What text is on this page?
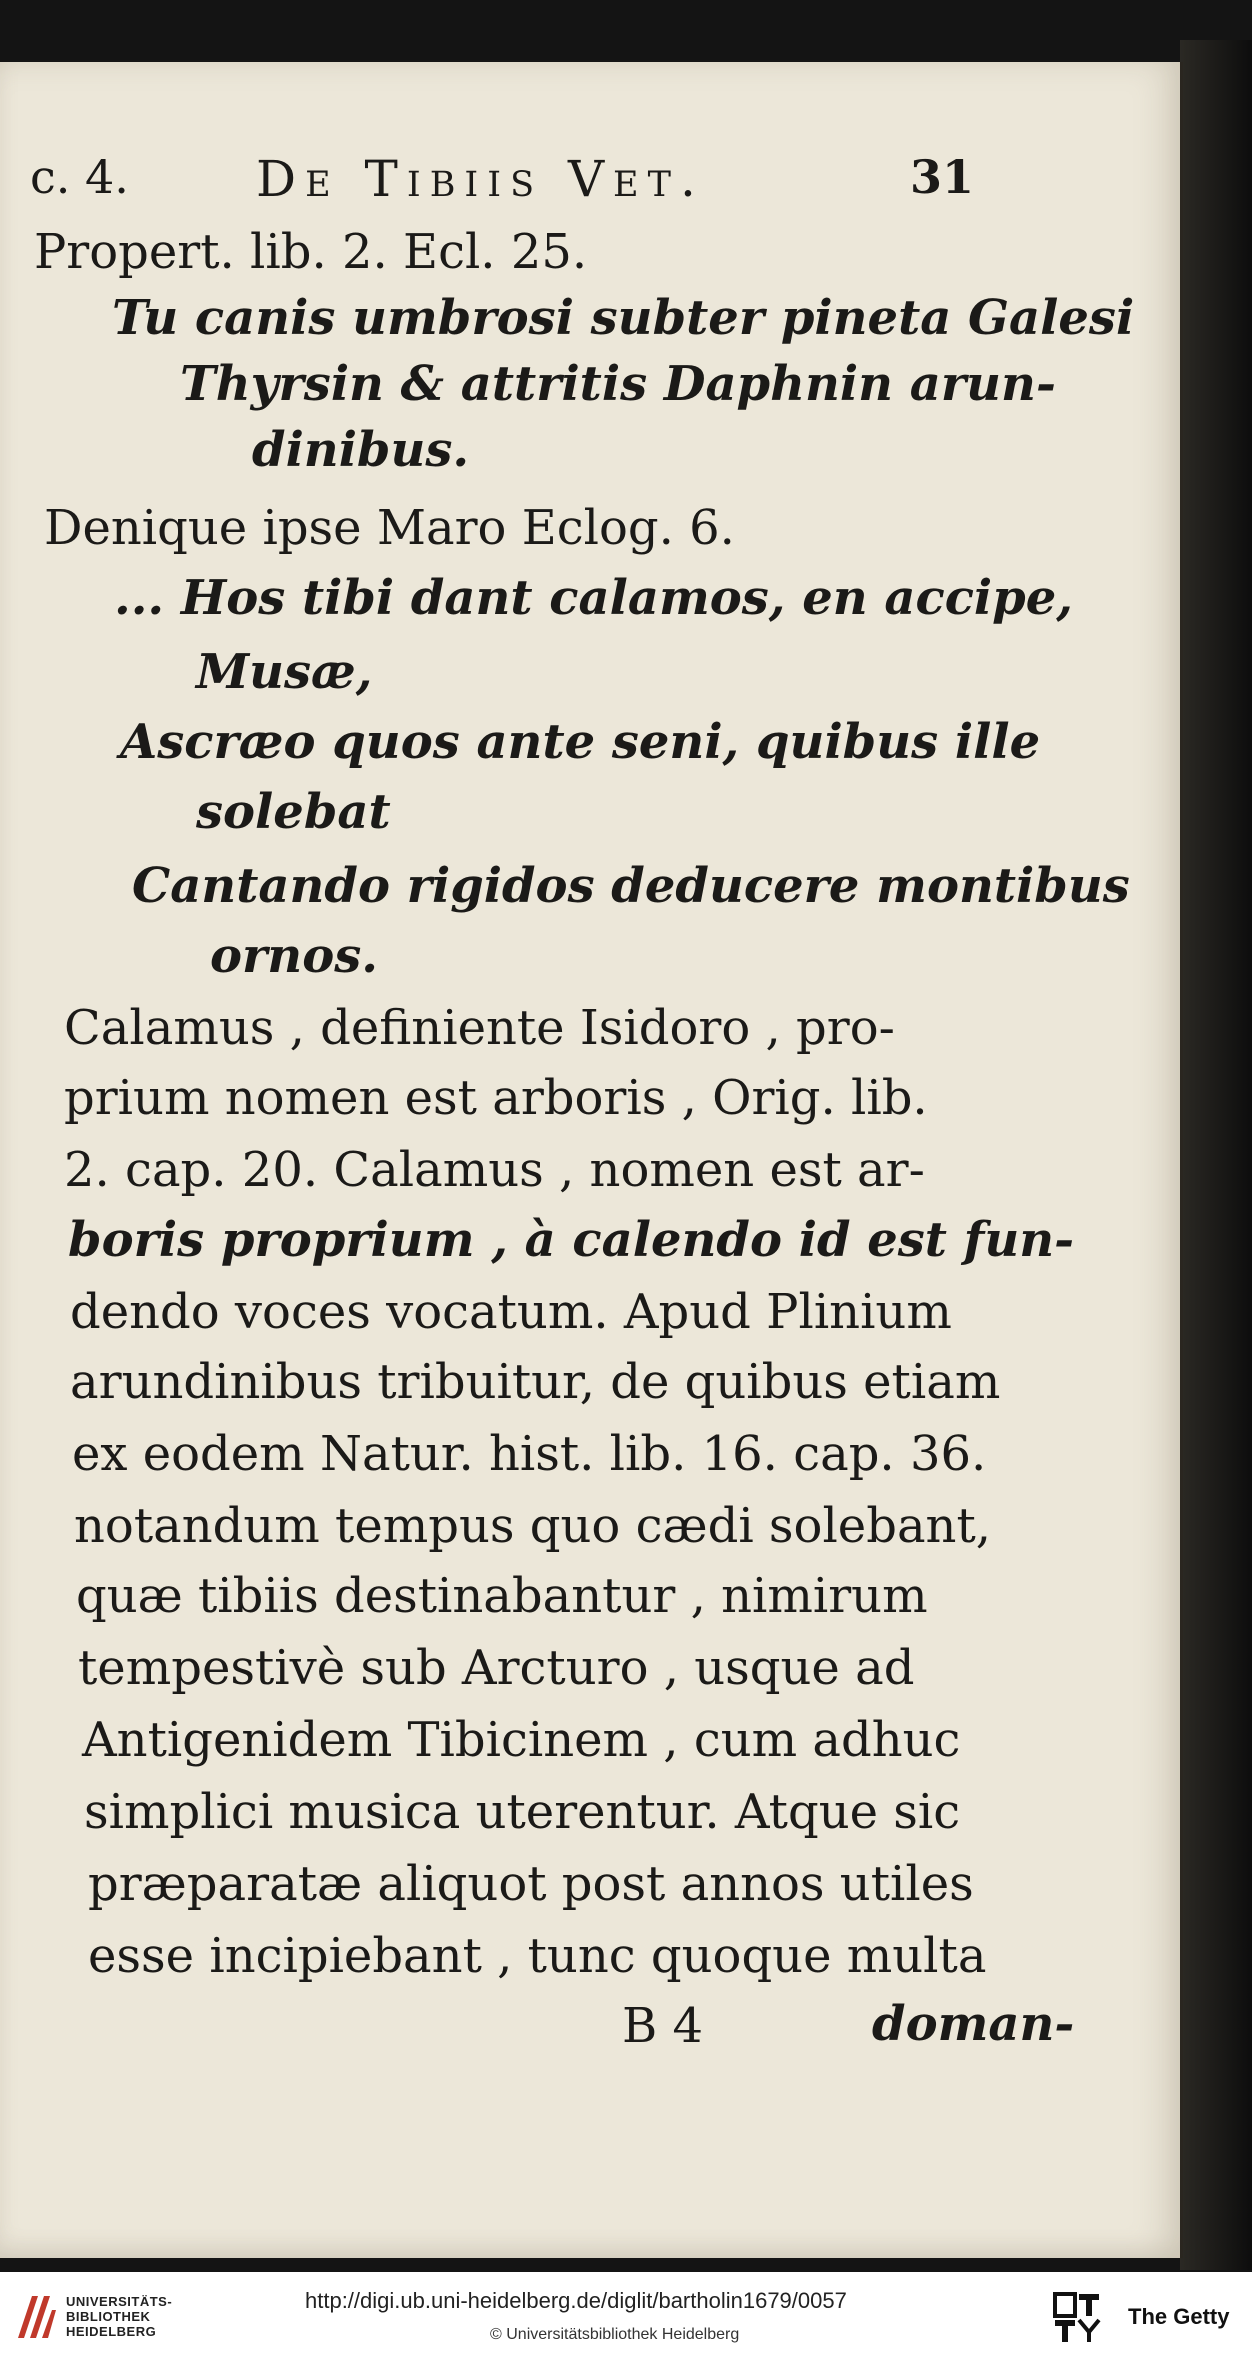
c. 4.	De Tibiis Vet.	31
Propert. lib. 2. Ecl. 25.
Tu canis umbrosi subter pineta Galesi
Thyrsin & attritis Daphnin arun-
dinibus.
Denique ipse Maro Eclog. 6.
... Hos tibi dant calamos, en accipe,
Musæ,
Ascræo quos ante seni, quibus ille
solebat
Cantando rigidos deducere montibus
ornos.
Calamus , definiente Isidoro , pro-
prium nomen est arboris , Orig. lib.
2. cap. 20. Calamus , nomen est ar-
boris proprium , à calendo id est fun-
dendo voces vocatum. Apud Plinium
arundinibus tribuitur, de quibus etiam
ex eodem Natur. hist. lib. 16. cap. 36.
notandum tempus quo cædi solebant,
quæ tibiis destinabantur , nimirum
tempestivè sub Arcturo , usque ad
Antigenidem Tibicinem , cum adhuc
simplici musica uterentur. Atque sic
præparatæ aliquot post annos utiles
esse incipiebant , tunc quoque multa
B 4	doman-
UNIVERSITÄTS-
BIBLIOTHEK
HEIDELBERG
http://digi.ub.uni-heidelberg.de/diglit/bartholin1679/0057
© Universitätsbibliothek Heidelberg
The Getty
